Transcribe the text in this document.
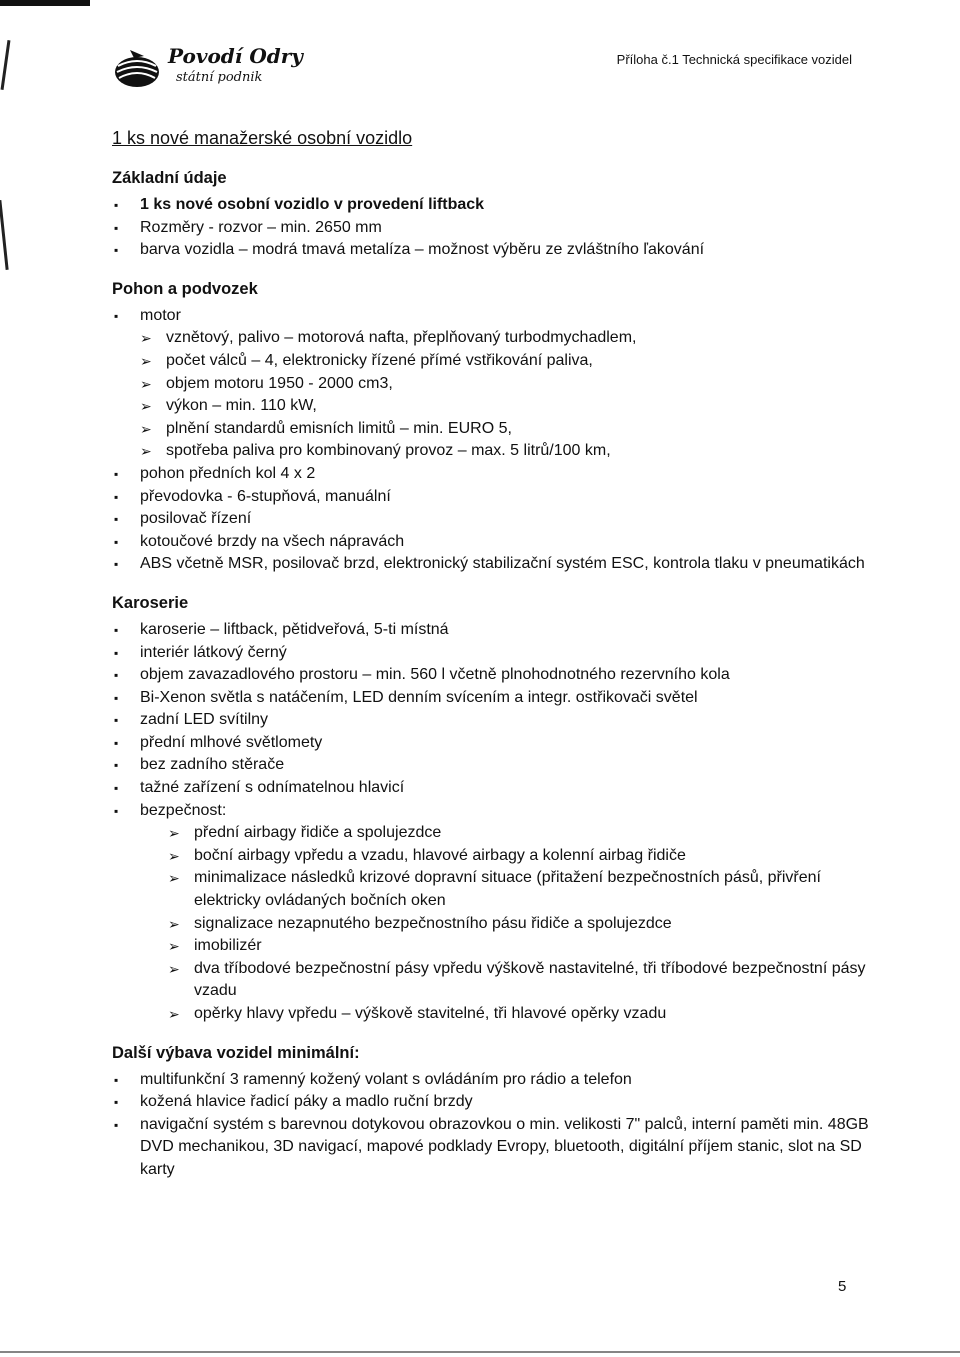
Povodí Odry
státní podnik
Příloha č.1 Technická specifikace vozidel
1 ks nové manažerské osobní vozidlo
Základní údaje
▪ 1 ks nové osobní vozidlo v provedení liftback
▪ Rozměry - rozvor – min. 2650 mm
▪ barva vozidla – modrá tmavá metalíza – možnost výběru ze zvláštního ľakování
Pohon a podvozek
▪ motor
➢ vznětový, palivo – motorová nafta, přeplňovaný turbodmychadlem,
➢ počet válců – 4, elektronicky řízené přímé vstřikování paliva,
➢ objem motoru 1950 - 2000 cm3,
➢ výkon – min. 110 kW,
➢ plnění standardů emisních limitů – min. EURO 5,
➢ spotřeba paliva pro kombinovaný provoz – max. 5 litrů/100 km,
▪ pohon předních kol 4 x 2
▪ převodovka - 6-stupňová, manuální
▪ posilovač řízení
▪ kotoučové brzdy na všech nápravách
▪ ABS včetně MSR, posilovač brzd, elektronický stabilizační systém ESC, kontrola tlaku v pneumatikách
Karoserie
▪ karoserie – liftback, pětidveřová, 5-ti místná
▪ interiér látkový černý
▪ objem zavazadlového prostoru – min. 560 l včetně plnohodnotného rezervního kola
▪ Bi-Xenon světla s natáčením, LED denním svícením a integr. ostřikovači světel
▪ zadní LED svítilny
▪ přední mlhové světlomety
▪ bez zadního stěrače
▪ tažné zařízení s odnímatelnou hlavicí
▪ bezpečnost:
➢ přední airbagy řidiče a spolujezdce
➢ boční airbagy vpředu a vzadu, hlavové airbagy a kolenní airbag řidiče
➢ minimalizace následků krizové dopravní situace (přitažení bezpečnostních pásů, přivření elektricky ovládaných bočních oken
➢ signalizace nezapnutého bezpečnostního pásu řidiče a spolujezdce
➢ imobilizér
➢ dva tříbodové bezpečnostní pásy vpředu výškově nastavitelné, tři tříbodové bezpečnostní pásy vzadu
➢ opěrky hlavy vpředu – výškově stavitelné, tři hlavové opěrky vzadu
Další výbava vozidel minimální:
▪ multifunkční 3 ramenný kožený volant s ovládáním pro rádio a telefon
▪ kožená hlavice řadicí páky a madlo ruční brzdy
▪ navigační systém s barevnou dotykovou obrazovkou o min. velikosti 7" palců, interní paměti min. 48GB DVD mechanikou, 3D navigací, mapové podklady Evropy, bluetooth, digitální příjem stanic, slot na SD karty
5
